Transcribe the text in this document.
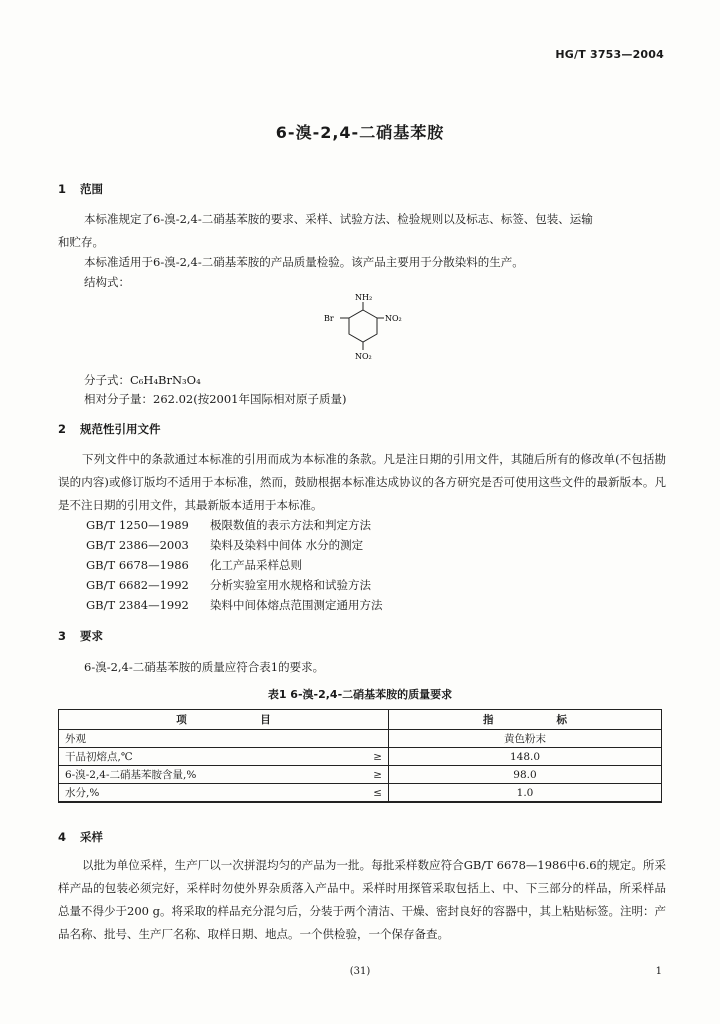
HG/T 3753—2004
6-溴-2,4-二硝基苯胺
1 范围
本标准规定了6-溴-2,4-二硝基苯胺的要求、采样、试验方法、检验规则以及标志、标签、包装、运输
和贮存。
本标准适用于6-溴-2,4-二硝基苯胺的产品质量检验。该产品主要用于分散染料的生产。
结构式：
NH₂
Br	NO₂
NO₂
分子式：C₆H₄BrN₃O₄
相对分子量：262.02(按2001年国际相对原子质量)
2 规范性引用文件
下列文件中的条款通过本标准的引用而成为本标准的条款。凡是注日期的引用文件，其随后所有的修改单(不包括勘误的内容)或修订版均不适用于本标准，然而，鼓励根据本标准达成协议的各方研究是否可使用这些文件的最新版本。凡是不注日期的引用文件，其最新版本适用于本标准。
GB/T 1250—1989 极限数值的表示方法和判定方法
GB/T 2386—2003 染料及染料中间体 水分的测定
GB/T 6678—1986 化工产品采样总则
GB/T 6682—1992 分析实验室用水规格和试验方法
GB/T 2384—1992 染料中间体熔点范围测定通用方法
3 要求
6-溴-2,4-二硝基苯胺的质量应符合表1的要求。
表1 6-溴-2,4-二硝基苯胺的质量要求
项　　　　　　　目		指　　　　　　标
外观		黄色粉末
干品初熔点,℃	≥	148.0
6-溴-2,4-二硝基苯胺含量,%	≥	98.0
水分,%	≤	1.0
4 采样
以批为单位采样，生产厂以一次拼混均匀的产品为一批。每批采样数应符合GB/T 6678—1986中6.6的规定。所采样产品的包装必须完好，采样时勿使外界杂质落入产品中。采样时用探管采取包括上、中、下三部分的样品，所采样品总量不得少于200 g。将采取的样品充分混匀后，分装于两个清洁、干燥、密封良好的容器中，其上粘贴标签。注明：产品名称、批号、生产厂名称、取样日期、地点。一个供检验，一个保存备查。
(31)	1
